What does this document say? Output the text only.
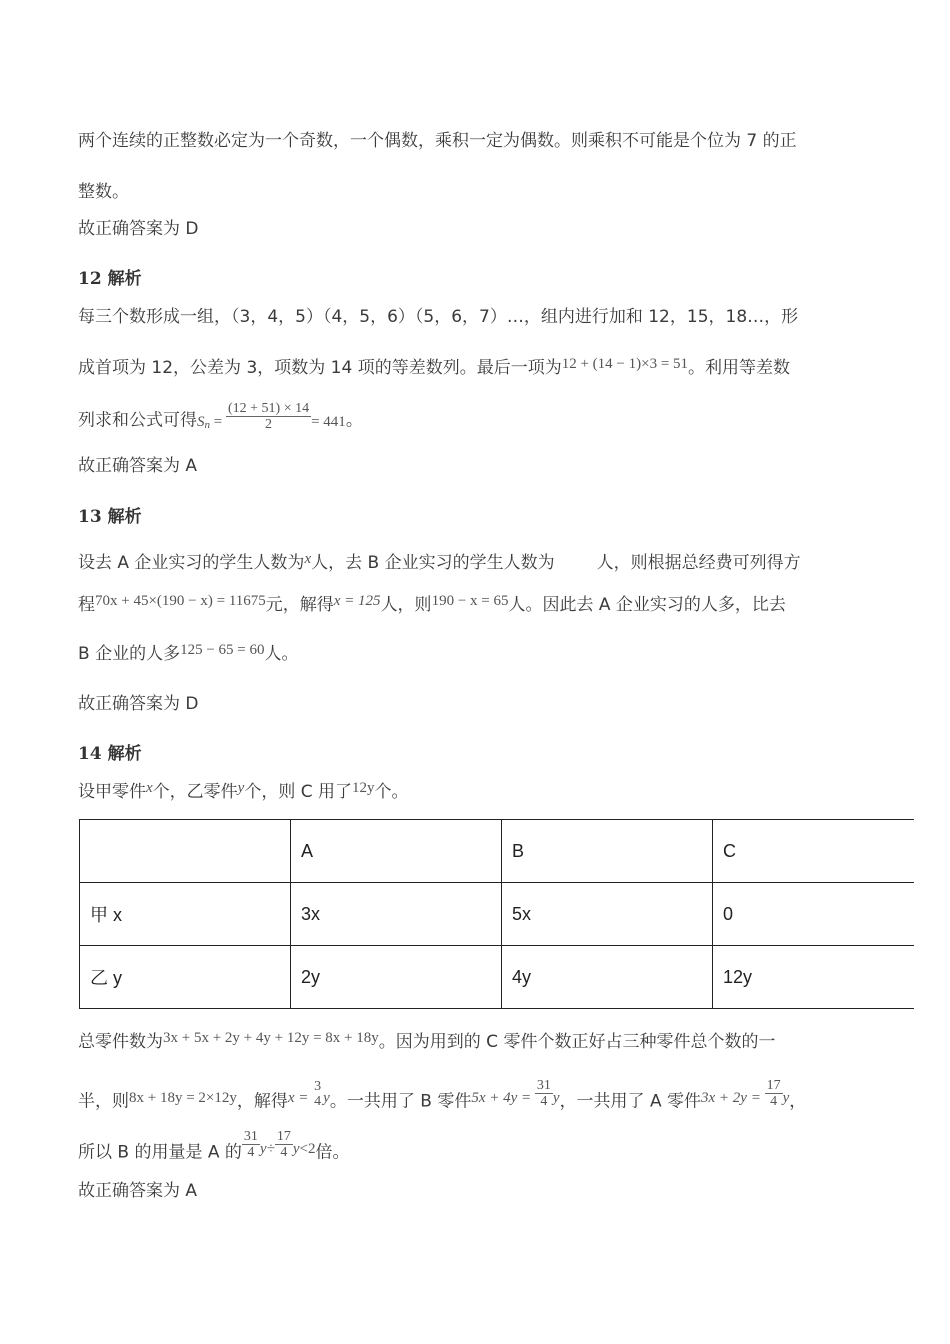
两个连续的正整数必定为一个奇数，一个偶数，乘积一定为偶数。则乘积不可能是个位为 7 的正
整数。
故正确答案为 D
12 解析
每三个数形成一组，（3，4，5）（4，5，6）（5，6，7）…，组内进行加和 12，15，18…，形
成首项为 12，公差为 3，项数为 14 项的等差数列。最后一项为12 + (14 − 1)×3 = 51。利用等差数
列求和公式可得$Sn = \frac{(12 + 51) \times 14}{2} = 441$。
故正确答案为 A
13 解析
设去 A 企业实习的学生人数为x人，去 B 企业实习的学生人数为 人，则根据总经费可列得方
程70x + 45×(190 − x) = 11675元，解得x = 125人，则190 − x = 65人。因此去 A 企业实习的人多，比去
B 企业的人多125 − 65 = 60人。
故正确答案为 D
14 解析
设甲零件x个，乙零件y个，则 C 用了12y个。
	A	B	C
甲 x	3x	5x	0
乙 y	2y	4y	12y
总零件数为3x + 5x + 2y + 4y + 12y = 8x + 18y。因为用到的 C 零件个数正好占三种零件总个数的一
半，则8x + 18y = 2×12y，解得x =
3
4 y。一共用了 B 零件$5x + 4y = \frac{31}{4}$ y，一共用了 A 零件$3x + 2y = \frac{17}{4}$ y，
所以 B 的用量是 A 的 $\frac{31}{4} y\div \frac{17}{4} y<2$倍。
故正确答案为 A
